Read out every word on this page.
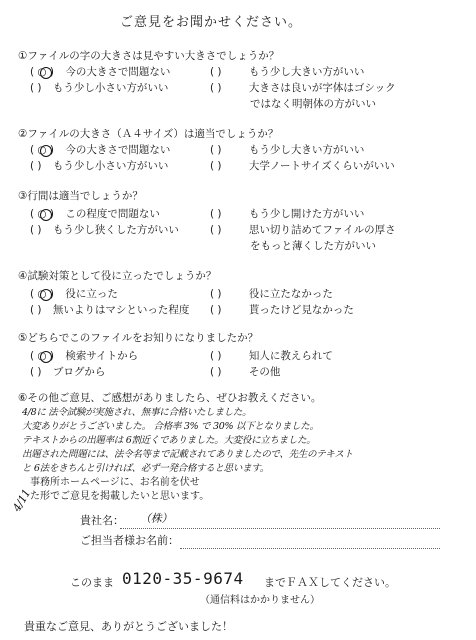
ご意見をお聞かせください。
①ファイルの字の大きさは見やすい大きさでしょうか？
( ○ ) 今の大きさで問題ない	( )	もう少し大きい方がいい
( ) もう少し小さい方がいい	( )	大きさは良いが字体はゴシック
ではなく明朝体の方がいい
②ファイルの大きさ（Ａ４サイズ）は適当でしょうか？
( ○ ) 今の大きさで問題ない	( )	もう少し大きい方がいい
( ) もう少し小さい方がいい	( )	大学ノートサイズくらいがいい
③行間は適当でしょうか？
( ○ ) この程度で問題ない	( )	もう少し開けた方がいい
( ) もう少し狭くした方がいい	( )	思い切り詰めてファイルの厚さ
をもっと薄くした方がいい
④試験対策として役に立ったでしょうか？
( ○ ) 役に立った	( )	役に立たなかった
( ) 無いよりはマシといった程度 ( )	貰ったけど見なかった
⑤どちらでこのファイルをお知りになりましたか？
( ○ ) 検索サイトから	( )	知人に教えられて
( ) ブログから	( )	その他
⑥その他ご意見、ご感想がありましたら、ぜひお教えください。
4/8に 法令試験が実施され、無事に合格いたしました。
大変ありがとうございました。 合格率 3% で 30% 以下となりました。
テキストからの出題率は 6割近くでありました。大変役に立ちました。
出題された問題には、法令名等まで記載されてありましたので、先生のテキスト
と 6法をきちんと引ければ、必ず一発合格すると思います。
事務所ホームページに、お名前を伏せ
た形でご意見を掲載したいと思います。
4/11
貴社名： （株）
ご担当者様お名前：
このまま 0120-35-9674 までＦＡＸしてください。
（通信料はかかりません）
貴重なご意見、ありがとうございました！
